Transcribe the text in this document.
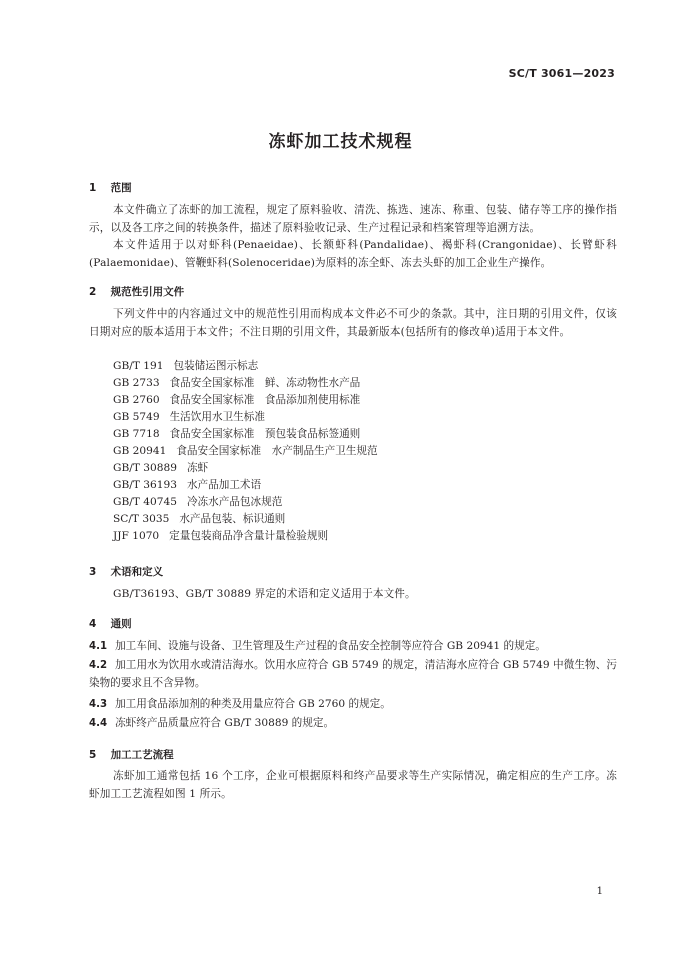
SC/T 3061—2023
冻虾加工技术规程
1 范围
本文件确立了冻虾的加工流程，规定了原料验收、清洗、拣选、速冻、称重、包装、储存等工序的操作指示，以及各工序之间的转换条件，描述了原料验收记录、生产过程记录和档案管理等追溯方法。
本文件适用于以对虾科(Penaeidae)、长额虾科(Pandalidae)、褐虾科(Crangonidae)、长臂虾科(Palaemonidae)、管鞭虾科(Solenoceridae)为原料的冻全虾、冻去头虾的加工企业生产操作。
2 规范性引用文件
下列文件中的内容通过文中的规范性引用而构成本文件必不可少的条款。其中，注日期的引用文件，仅该日期对应的版本适用于本文件；不注日期的引用文件，其最新版本(包括所有的修改单)适用于本文件。
GB/T 191 包装储运图示标志
GB 2733 食品安全国家标准　鲜、冻动物性水产品
GB 2760 食品安全国家标准　食品添加剂使用标准
GB 5749 生活饮用水卫生标准
GB 7718 食品安全国家标准　预包装食品标签通则
GB 20941 食品安全国家标准　水产制品生产卫生规范
GB/T 30889 冻虾
GB/T 36193 水产品加工术语
GB/T 40745 冷冻水产品包冰规范
SC/T 3035 水产品包装、标识通则
JJF 1070 定量包装商品净含量计量检验规则
3 术语和定义
GB/T36193、GB/T 30889 界定的术语和定义适用于本文件。
4 通则
4.1 加工车间、设施与设备、卫生管理及生产过程的食品安全控制等应符合 GB 20941 的规定。
4.2 加工用水为饮用水或清洁海水。饮用水应符合 GB 5749 的规定，清洁海水应符合 GB 5749 中微生物、污染物的要求且不含异物。
4.3 加工用食品添加剂的种类及用量应符合 GB 2760 的规定。
4.4 冻虾终产品质量应符合 GB/T 30889 的规定。
5 加工工艺流程
冻虾加工通常包括 16 个工序，企业可根据原料和终产品要求等生产实际情况，确定相应的生产工序。冻虾加工工艺流程如图 1 所示。
1
